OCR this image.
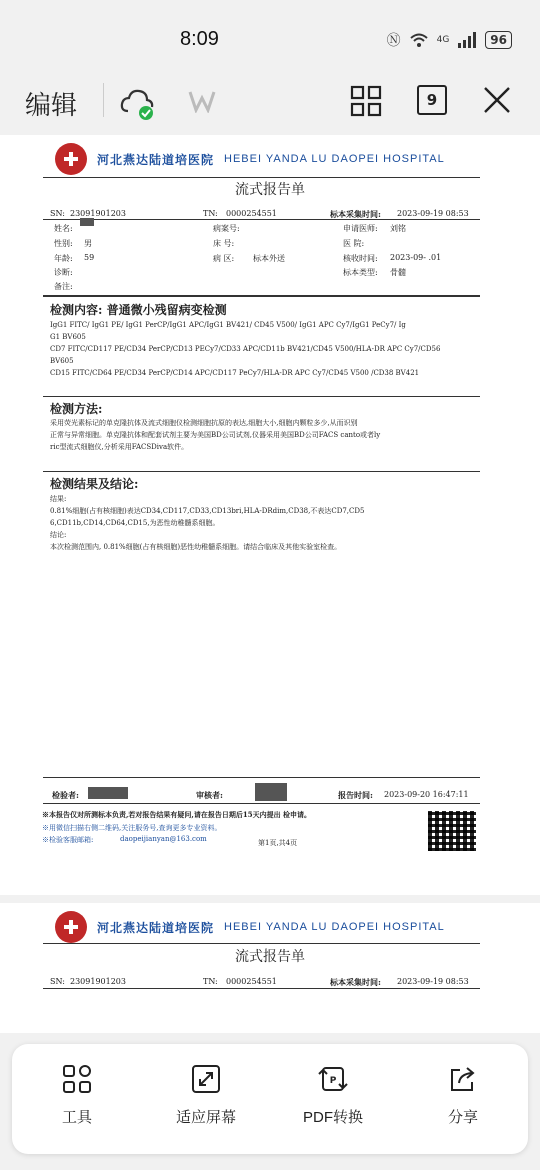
8:09	Ⓝ	4G	96
编辑	9
河北燕达陆道培医院 HEBEI YANDA LU DAOPEI HOSPITAL
流式报告单
SN: 23091901203	TN: 0000254551	标本采集时间: 2023-09-19 08:53
姓名:	病案号:	申请医师: 刘铭
性别: 男	床 号:	医 院:
年龄: 59	病 区: 标本外送	核收时间: 2023-09- .01
诊断:	标本类型: 骨髓
备注:
检测内容: 普通微小残留病变检测
IgG1 FITC/ IgG1 PE/ IgG1 PerCP/IgG1 APC/IgG1 BV421/ CD45 V500/ IgG1 APC Cy7/IgG1 PeCy7/ Ig
G1 BV605
CD7 FITC/CD117 PE/CD34 PerCP/CD13 PECy7/CD33 APC/CD11b BV421/CD45 V500/HLA-DR APC Cy7/CD56
BV605
CD15 FITC/CD64 PE/CD34 PerCP/CD14 APC/CD117 PeCy7/HLA-DR APC Cy7/CD45 V500 /CD38 BV421
检测方法:
采用荧光素标记的单克隆抗体及流式细胞仪检测细胞抗原的表达,细胞大小,细胞内颗粒多少,从而识别
正常与异常细胞。单克隆抗体和配套试剂主要为美国BD公司试剂,仪器采用美国BD公司FACS canto或者ly
ric型流式细胞仪,分析采用FACSDiva软件。
检测结果及结论:
结果:
0.81%细胞(占有核细胞)表达CD34,CD117,CD33,CD13bri,HLA-DRdim,CD38,不表达CD7,CD5
6,CD11b,CD14,CD64,CD15,为恶性幼稚髓系细胞。
结论:
本次检测范围内, 0.81%细胞(占有核细胞)恶性幼稚髓系细胞。请结合临床及其他实验室检查。
检验者:	审核者:	报告时间: 2023-09-20 16:47:11
※本报告仅对所测标本负责,若对报告结果有疑问,请在报告日期后15天内提出 检申请。
※用微信扫描右侧二维码,关注服务号,查询更多专业资料。
※检验客服邮箱:	daopeijianyan@163.com	第1页,共4页
河北燕达陆道培医院 HEBEI YANDA LU DAOPEI HOSPITAL
流式报告单
SN: 23091901203	TN: 0000254551	标本采集时间: 2023-09-19 08:53
工具	适应屏幕
P
PDF转换	分享
